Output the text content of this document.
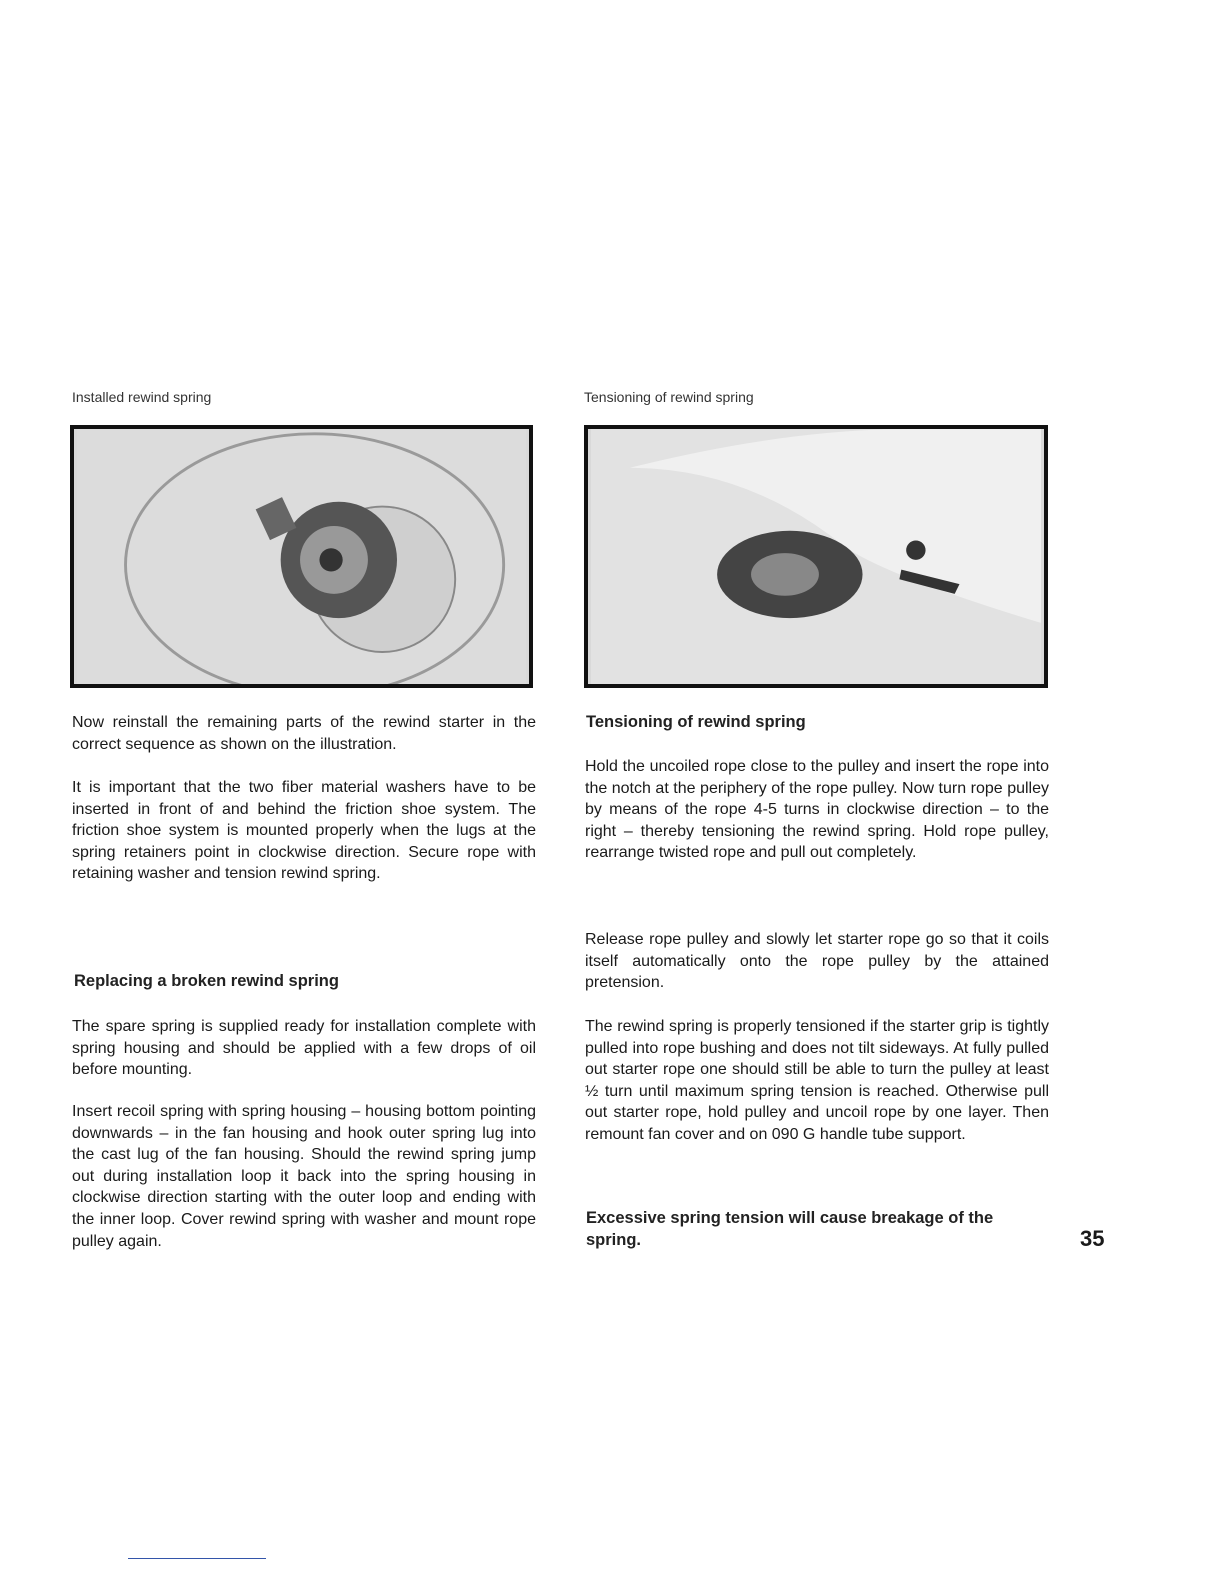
Installed rewind spring	Tensioning of rewind spring
Now reinstall the remaining parts of the rewind starter in the correct sequence as shown on the illustration.
It is important that the two fiber material washers have to be inserted in front of and behind the friction shoe system. The friction shoe system is mounted properly when the lugs at the spring retainers point in clockwise direction. Secure rope with retaining washer and tension rewind spring.
Replacing a broken rewind spring
The spare spring is supplied ready for installation complete with spring housing and should be applied with a few drops of oil before mounting.
Insert recoil spring with spring housing – housing bottom pointing downwards – in the fan housing and hook outer spring lug into the cast lug of the fan housing. Should the rewind spring jump out during installation loop it back into the spring housing in clockwise direction starting with the outer loop and ending with the inner loop. Cover rewind spring with washer and mount rope pulley again.
Tensioning of rewind spring
Hold the uncoiled rope close to the pulley and insert the rope into the notch at the periphery of the rope pulley. Now turn rope pulley by means of the rope 4-5 turns in clockwise direction – to the right – thereby tensioning the rewind spring. Hold rope pulley, rearrange twisted rope and pull out completely.
Release rope pulley and slowly let starter rope go so that it coils itself automatically onto the rope pulley by the attained pretension.
The rewind spring is properly tensioned if the starter grip is tightly pulled into rope bushing and does not tilt sideways. At fully pulled out starter rope one should still be able to turn the pulley at least ½ turn until maximum spring tension is reached. Otherwise pull out starter rope, hold pulley and uncoil rope by one layer. Then remount fan cover and on 090 G handle tube support.
Excessive spring tension will cause breakage of the spring.	35
